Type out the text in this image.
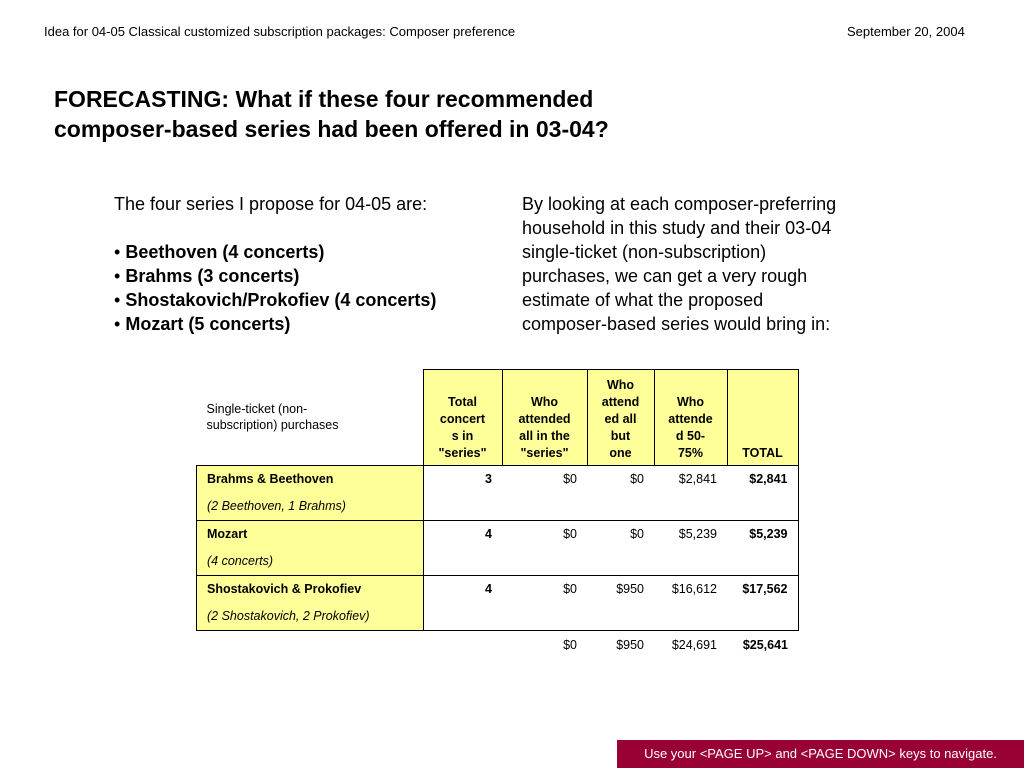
Idea for 04-05 Classical customized subscription packages: Composer preference	September 20, 2004
FORECASTING: What if these four recommended
composer-based series had been offered in 03-04?
The four series I propose for 04-05 are:
• Beethoven (4 concerts)
• Brahms (3 concerts)
• Shostakovich/Prokofiev (4 concerts)
• Mozart (5 concerts)
By looking at each composer-preferring
household in this study and their 03-04
single-ticket (non-subscription)
purchases, we can get a very rough
estimate of what the proposed
composer-based series would bring in:
Single-ticket (non-
subscription) purchases	Total
concert
s in
"series"	Who
attended
all in the
"series"	Who
attend
ed all
but
one	Who
attende
d 50-
75%	TOTAL
Brahms & Beethoven	3	$0	$0	$2,841	$2,841
(2 Beethoven, 1 Brahms)					
Mozart	4	$0	$0	$5,239	$5,239
(4 concerts)					
Shostakovich & Prokofiev	4	$0	$950	$16,612	$17,562
(2 Shostakovich, 2 Prokofiev)					
		$0	$950	$24,691	$25,641
Use your <PAGE UP> and <PAGE DOWN> keys to navigate.
